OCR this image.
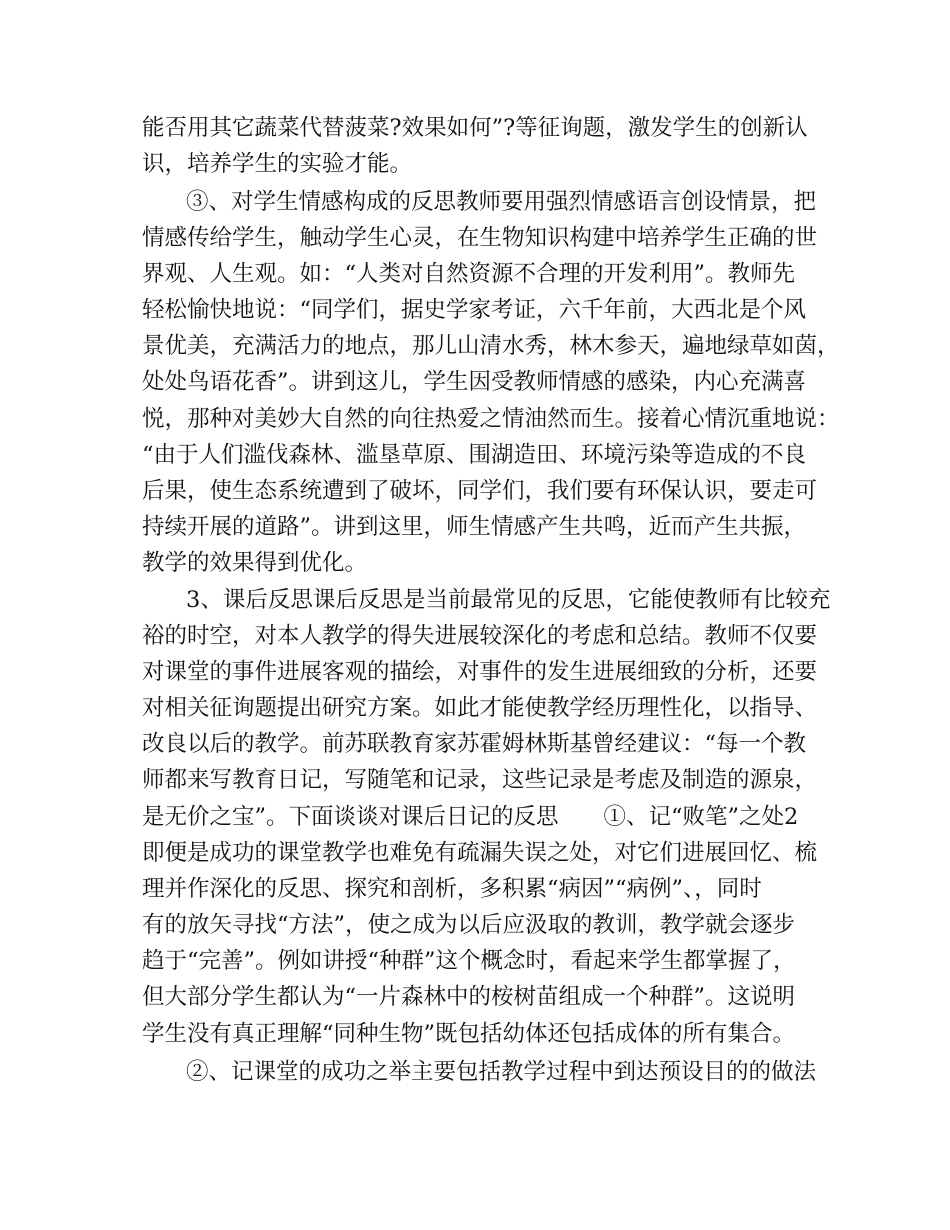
能否用其它蔬菜代替菠菜?效果如何”?等征询题，激发学生的创新认
识，培养学生的实验才能。
③、对学生情感构成的反思教师要用强烈情感语言创设情景，把
情感传给学生，触动学生心灵，在生物知识构建中培养学生正确的世
界观、人生观。如：“人类对自然资源不合理的开发利用”。教师先
轻松愉快地说：“同学们，据史学家考证，六千年前，大西北是个风
景优美，充满活力的地点，那儿山清水秀，林木参天，遍地绿草如茵，
处处鸟语花香”。讲到这儿，学生因受教师情感的感染，内心充满喜
悦，那种对美妙大自然的向往热爱之情油然而生。接着心情沉重地说：
“由于人们滥伐森林、滥垦草原、围湖造田、环境污染等造成的不良
后果，使生态系统遭到了破坏，同学们，我们要有环保认识，要走可
持续开展的道路”。讲到这里，师生情感产生共鸣，近而产生共振，
教学的效果得到优化。
3、课后反思课后反思是当前最常见的反思，它能使教师有比较充
裕的时空，对本人教学的得失进展较深化的考虑和总结。教师不仅要
对课堂的事件进展客观的描绘，对事件的发生进展细致的分析，还要
对相关征询题提出研究方案。如此才能使教学经历理性化，以指导、
改良以后的教学。前苏联教育家苏霍姆林斯基曾经建议：“每一个教
师都来写教育日记，写随笔和记录，这些记录是考虑及制造的源泉，
是无价之宝”。下面谈谈对课后日记的反思　　①、记“败笔”之处2
即便是成功的课堂教学也难免有疏漏失误之处，对它们进展回忆、梳
理并作深化的反思、探究和剖析，多积累“病因”“病例”、，同时
有的放矢寻找“方法”，使之成为以后应汲取的教训，教学就会逐步
趋于“完善”。例如讲授“种群”这个概念时，看起来学生都掌握了，
但大部分学生都认为“一片森林中的桉树苗组成一个种群”。这说明
学生没有真正理解“同种生物”既包括幼体还包括成体的所有集合。
②、记课堂的成功之举主要包括教学过程中到达预设目的的做法
